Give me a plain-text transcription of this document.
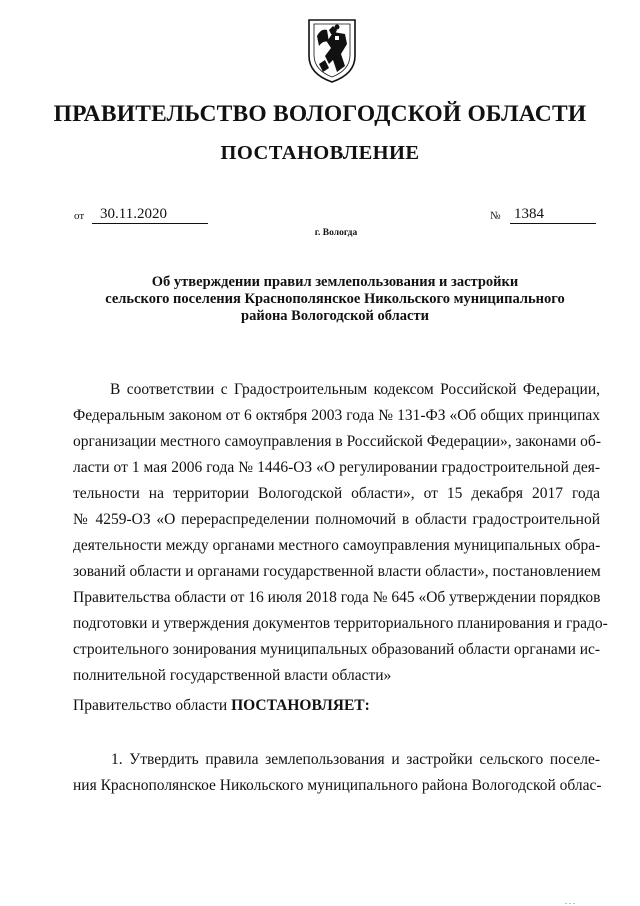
ПРАВИТЕЛЬСТВО ВОЛОГОДСКОЙ ОБЛАСТИ
ПОСТАНОВЛЕНИЕ
от	30.11.2020	№ 1384
г. Вологда
Об утверждении правил землепользования и застройки
сельского поселения Краснополянское Никольского муниципального
района Вологодской области
В соответствии с Градостроительным кодексом Российской Федерации,
Федеральным законом от 6 октября 2003 года № 131-ФЗ «Об общих принципах
организации местного самоуправления в Российской Федерации», законами об-
ласти от 1 мая 2006 года № 1446-ОЗ «О регулировании градостроительной дея-
тельности на территории Вологодской области», от 15 декабря 2017 года
№ 4259-ОЗ «О перераспределении полномочий в области градостроительной
деятельности между органами местного самоуправления муниципальных обра-
зований области и органами государственной власти области», постановлением
Правительства области от 16 июля 2018 года № 645 «Об утверждении порядков
подготовки и утверждения документов территориального планирования и градо-
строительного зонирования муниципальных образований области органами ис-
полнительной государственной власти области»
Правительство области ПОСТАНОВЛЯЕТ:
1. Утвердить правила землепользования и застройки сельского поселе-
ния Краснополянское Никольского муниципального района Вологодской облас-
. . .
